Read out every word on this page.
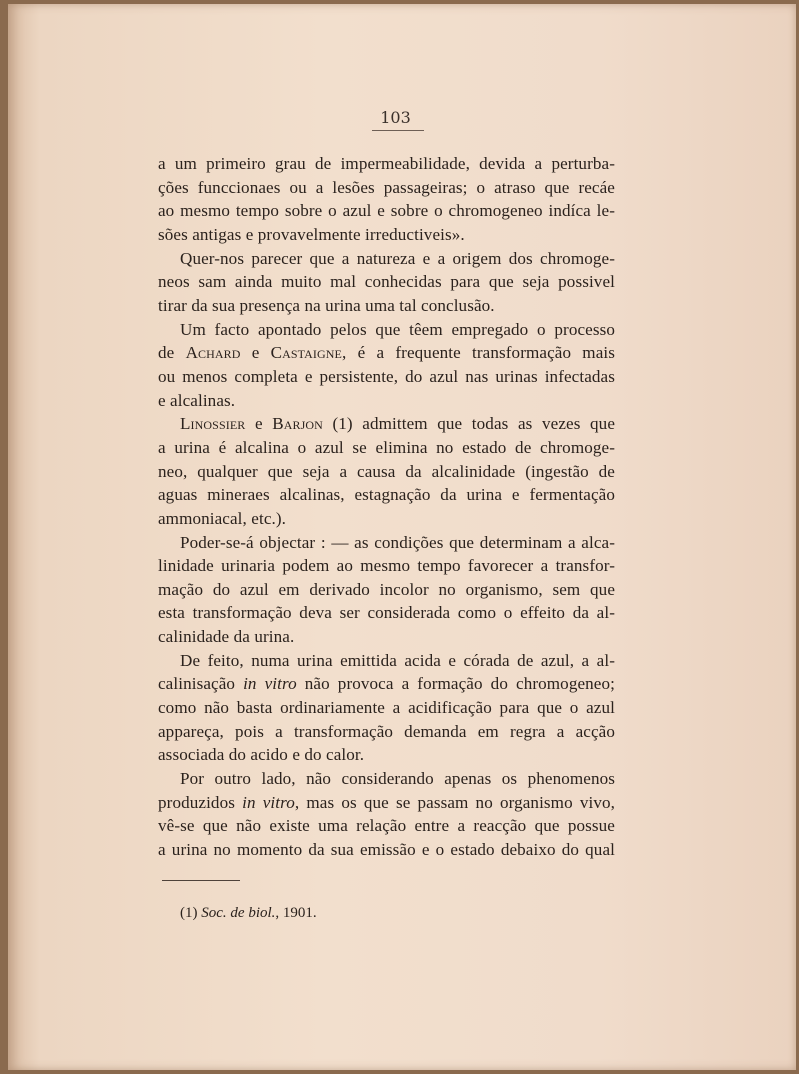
103
a um primeiro grau de impermeabilidade, devida a perturba-
ções funccionaes ou a lesões passageiras; o atraso que recáe
ao mesmo tempo sobre o azul e sobre o chromogeneo indíca le-
sões antigas e provavelmente irreductiveis».
Quer-nos parecer que a natureza e a origem dos chromoge-
neos sam ainda muito mal conhecidas para que seja possivel
tirar da sua presença na urina uma tal conclusão.
Um facto apontado pelos que têem empregado o processo
de Achard e Castaigne, é a frequente transformação mais
ou menos completa e persistente, do azul nas urinas infectadas
e alcalinas.
Linossier e Barjon (1) admittem que todas as vezes que
a urina é alcalina o azul se elimina no estado de chromoge-
neo, qualquer que seja a causa da alcalinidade (ingestão de
aguas mineraes alcalinas, estagnação da urina e fermentação
ammoniacal, etc.).
Poder-se-á objectar : — as condições que determinam a alca-
linidade urinaria podem ao mesmo tempo favorecer a transfor-
mação do azul em derivado incolor no organismo, sem que
esta transformação deva ser considerada como o effeito da al-
calinidade da urina.
De feito, numa urina emittida acida e córada de azul, a al-
calinisação in vitro não provoca a formação do chromogeneo;
como não basta ordinariamente a acidificação para que o azul
appareça, pois a transformação demanda em regra a acção
associada do acido e do calor.
Por outro lado, não considerando apenas os phenomenos
produzidos in vitro, mas os que se passam no organismo vivo,
vê-se que não existe uma relação entre a reacção que possue
a urina no momento da sua emissão e o estado debaixo do qual
(1) Soc. de biol., 1901.
